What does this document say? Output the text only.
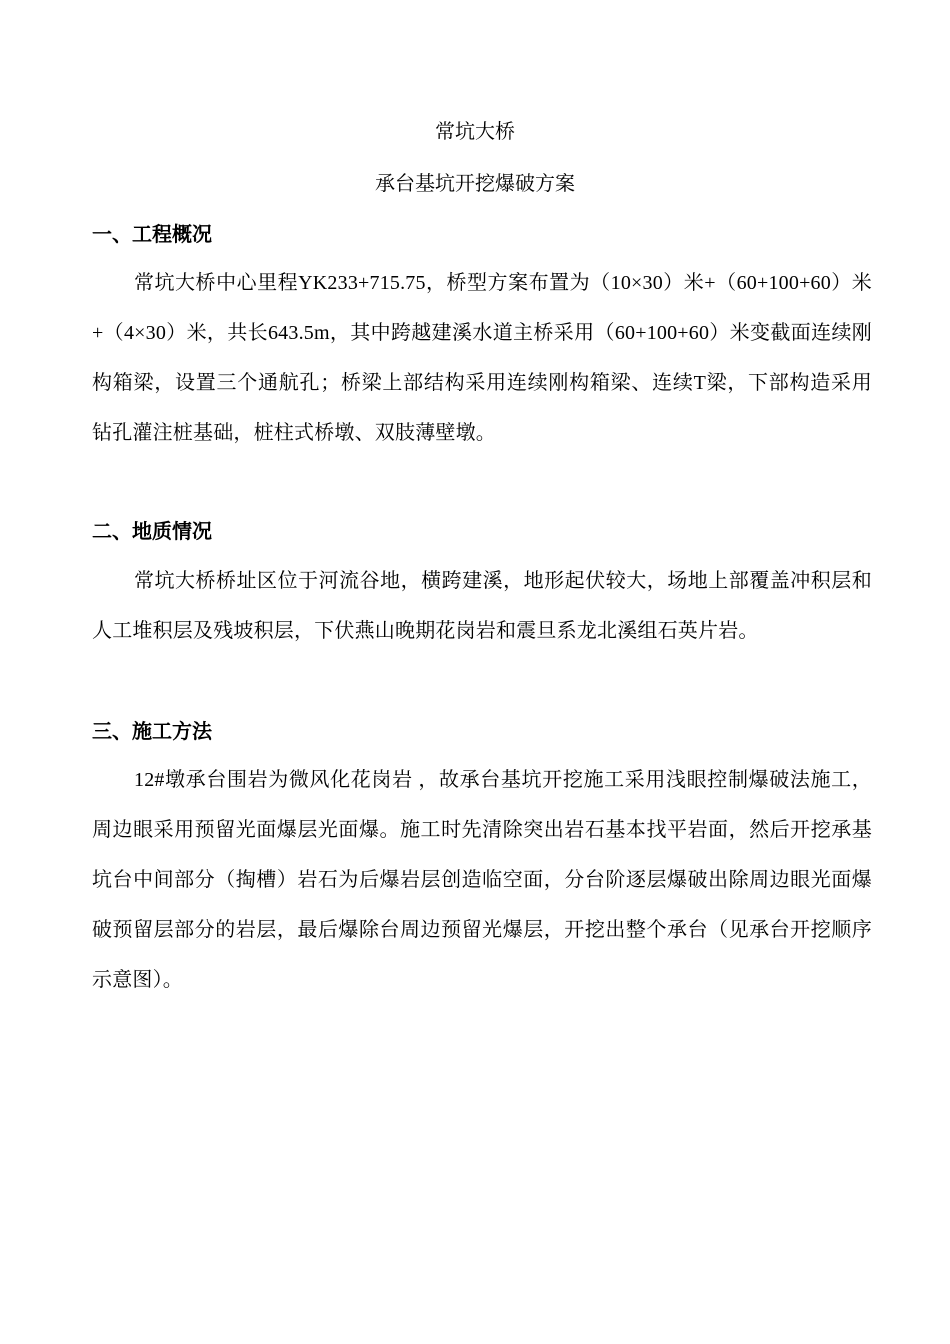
常坑大桥
承台基坑开挖爆破方案
一、工程概况

常坑大桥中心里程YK233+715.75，桥型方案布置为（10×30）米+（60+100+60）米+（4×30）米，共长643.5m，其中跨越建溪水道主桥采用（60+100+60）米变截面连续刚构箱梁，设置三个通航孔；桥梁上部结构采用连续刚构箱梁、连续T梁，下部构造采用钻孔灌注桩基础，桩柱式桥墩、双肢薄壁墩。

二、地质情况

常坑大桥桥址区位于河流谷地，横跨建溪，地形起伏较大，场地上部覆盖冲积层和人工堆积层及残坡积层，下伏燕山晚期花岗岩和震旦系龙北溪组石英片岩。

三、施工方法

12#墩承台围岩为微风化花岗岩 ，故承台基坑开挖施工采用浅眼控制爆破法施工，周边眼采用预留光面爆层光面爆。施工时先清除突出岩石基本找平岩面，然后开挖承基坑台中间部分（掏槽）岩石为后爆岩层创造临空面，分台阶逐层爆破出除周边眼光面爆破预留层部分的岩层，最后爆除台周边预留光爆层，开挖出整个承台（见承台开挖顺序示意图）。
